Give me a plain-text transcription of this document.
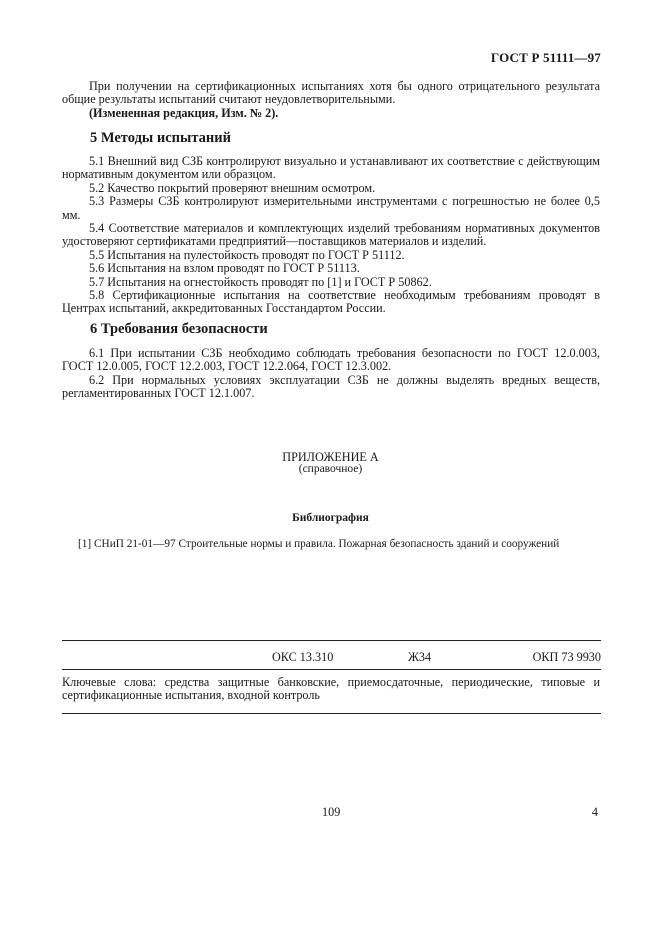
ГОСТ Р 51111—97

При получении на сертификационных испытаниях хотя бы одного отрицательного результата общие результаты испытаний считают неудовлетворительными.

(Измененная редакция, Изм. № 2).

5 Методы испытаний

5.1 Внешний вид СЗБ контролируют визуально и устанавливают их соответствие с действующим нормативным документом или образцом.

5.2 Качество покрытий проверяют внешним осмотром.

5.3 Размеры СЗБ контролируют измерительными инструментами с погрешностью не более 0,5 мм.

5.4 Соответствие материалов и комплектующих изделий требованиям нормативных документов удостоверяют сертификатами предприятий—поставщиков материалов и изделий.

5.5 Испытания на пулестойкость проводят по ГОСТ Р 51112.

5.6 Испытания на взлом проводят по ГОСТ Р 51113.

5.7 Испытания на огнестойкость проводят по [1] и ГОСТ Р 50862.

5.8 Сертификационные испытания на соответствие необходимым требованиям проводят в Центрах испытаний, аккредитованных Госстандартом России.

6 Требования безопасности

6.1 При испытании СЗБ необходимо соблюдать требования безопасности по ГОСТ 12.0.003, ГОСТ 12.0.005, ГОСТ 12.2.003, ГОСТ 12.2.064, ГОСТ 12.3.002.

6.2 При нормальных условиях эксплуатации СЗБ не должны выделять вредных веществ, регламентированных ГОСТ 12.1.007.

ПРИЛОЖЕНИЕ А
(справочное)
Библиография
[1] СНиП 21-01—97 Строительные нормы и правила. Пожарная безопасность зданий и сооружений
ОКС 13.310	Ж34	ОКП 73 9930

Ключевые слова: средства защитные банковские, приемосдаточные, периодические, типовые и сертификационные испытания, входной контроль

109	4
